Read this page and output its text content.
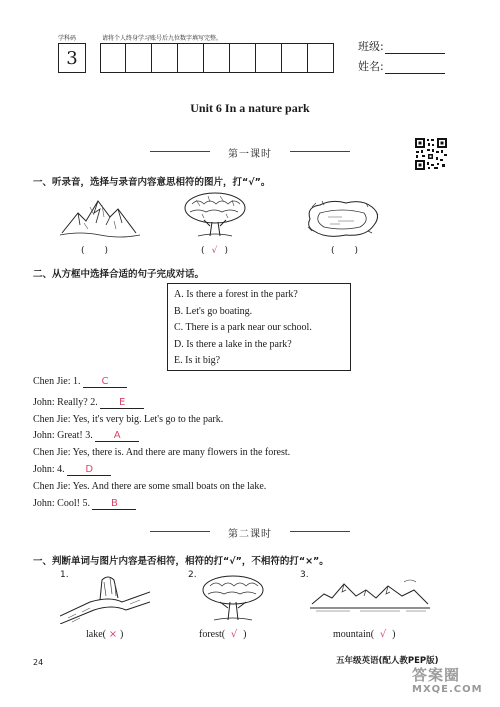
学科码	请将个人终身学习账号后九位数字填写完整。
3
班级:
姓名:
Unit 6 In a nature park
第一课时
一、听录音，选择与录音内容意思相符的图片，打“√”。
( )	( √ )	( )
二、从方框中选择合适的句子完成对话。
A. Is there a forest in the park?
B. Let's go boating.
C. There is a park near our school.
D. Is there a lake in the park?
E. Is it big?
Chen Jie: 1. C
John: Really? 2. E
Chen Jie: Yes, it's very big. Let's go to the park.
John: Great! 3. A
Chen Jie: Yes, there is. And there are many flowers in the forest.
John: 4. D
Chen Jie: Yes. And there are some small boats on the lake.
John: Cool! 5. B
第二课时
一、判断单词与图片内容是否相符，相符的打“√”，不相符的打“×”。
1.
lake( × )
2.
forest( √ )
3.
mountain( √ )
24	五年级英语(配人教PEP版)
答案圈
MXQE.COM
